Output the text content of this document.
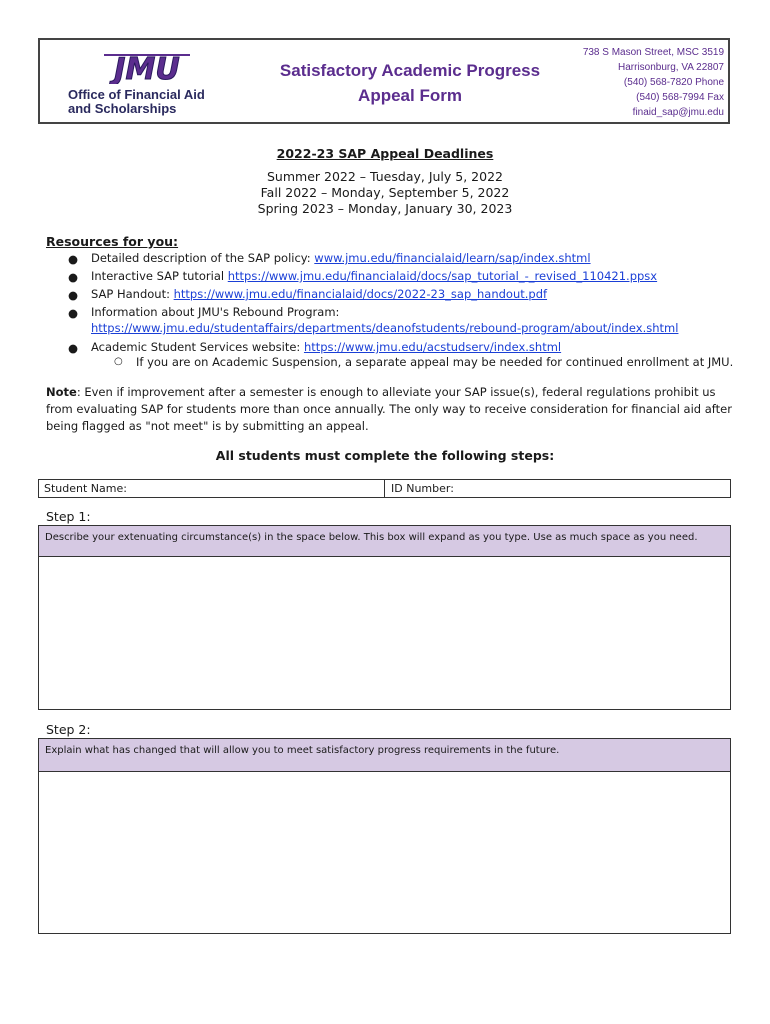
JMU
Office of Financial Aid
and Scholarships
Satisfactory Academic Progress
Appeal Form
738 S Mason Street, MSC 3519
Harrisonburg, VA 22807
(540) 568-7820 Phone
(540) 568-7994 Fax
finaid_sap@jmu.edu
2022-23 SAP Appeal Deadlines
Summer 2022 – Tuesday, July 5, 2022
Fall 2022 – Monday, September 5, 2022
Spring 2023 – Monday, January 30, 2023
Resources for you:
● Detailed description of the SAP policy: www.jmu.edu/financialaid/learn/sap/index.shtml
● Interactive SAP tutorial https://www.jmu.edu/financialaid/docs/sap_tutorial_-_revised_110421.ppsx
● SAP Handout: https://www.jmu.edu/financialaid/docs/2022-23_sap_handout.pdf
● Information about JMU's Rebound Program:
https://www.jmu.edu/studentaffairs/departments/deanofstudents/rebound-program/about/index.shtml
● Academic Student Services website: https://www.jmu.edu/acstudserv/index.shtml
○ If you are on Academic Suspension, a separate appeal may be needed for continued enrollment at JMU.
Note: Even if improvement after a semester is enough to alleviate your SAP issue(s), federal regulations prohibit us from evaluating SAP for students more than once annually. The only way to receive consideration for financial aid after being flagged as "not meet" is by submitting an appeal.
All students must complete the following steps:
Student Name:	ID Number:
Step 1:
Describe your extenuating circumstance(s) in the space below. This box will expand as you type. Use as much space as you need.
Step 2:
Explain what has changed that will allow you to meet satisfactory progress requirements in the future.
